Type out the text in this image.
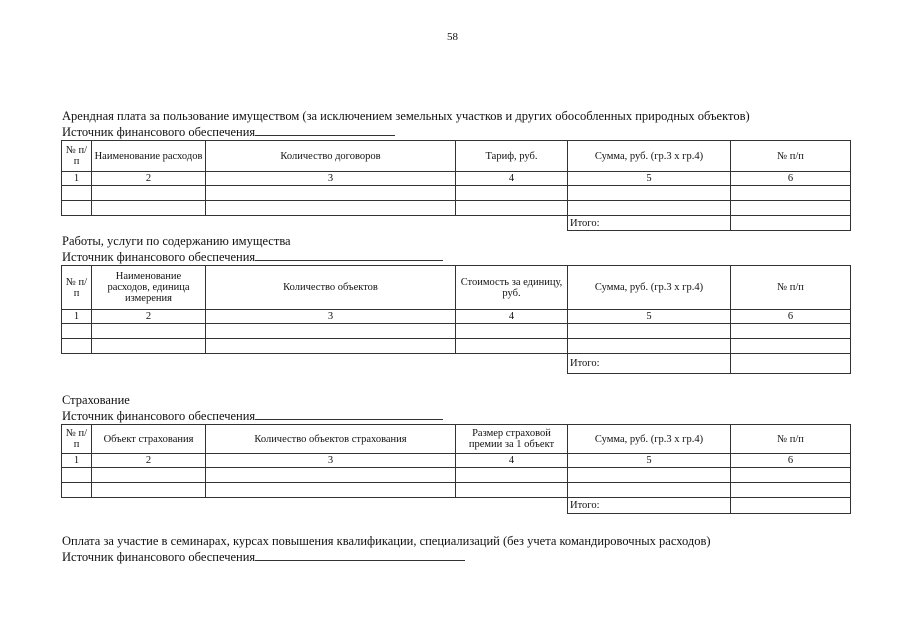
58
Арендная плата за пользование имуществом (за исключением земельных участков и других обособленных природных объектов)
Источник финансового обеспечения
№ п/п	Наименование расходов	Количество договоров	Тариф, руб.	Сумма, руб. (гр.3 х гр.4)	№ п/п
1	2	3	4	5	6

				Итого:	
Работы, услуги по содержанию имущества
Источник финансового обеспечения
№ п/п	Наименование расходов, единица измерения	Количество объектов	Стоимость за единицу, руб.	Сумма, руб. (гр.3 х гр.4)	№ п/п
1	2	3	4	5	6

				Итого:	
Страхование
Источник финансового обеспечения
№ п/п	Объект страхования	Количество объектов страхования	Размер страховой премии за 1 объект	Сумма, руб. (гр.3 х гр.4)	№ п/п
1	2	3	4	5	6

				Итого:	
Оплата за участие в семинарах, курсах повышения квалификации, специализаций (без учета командировочных расходов)
Источник финансового обеспечения
